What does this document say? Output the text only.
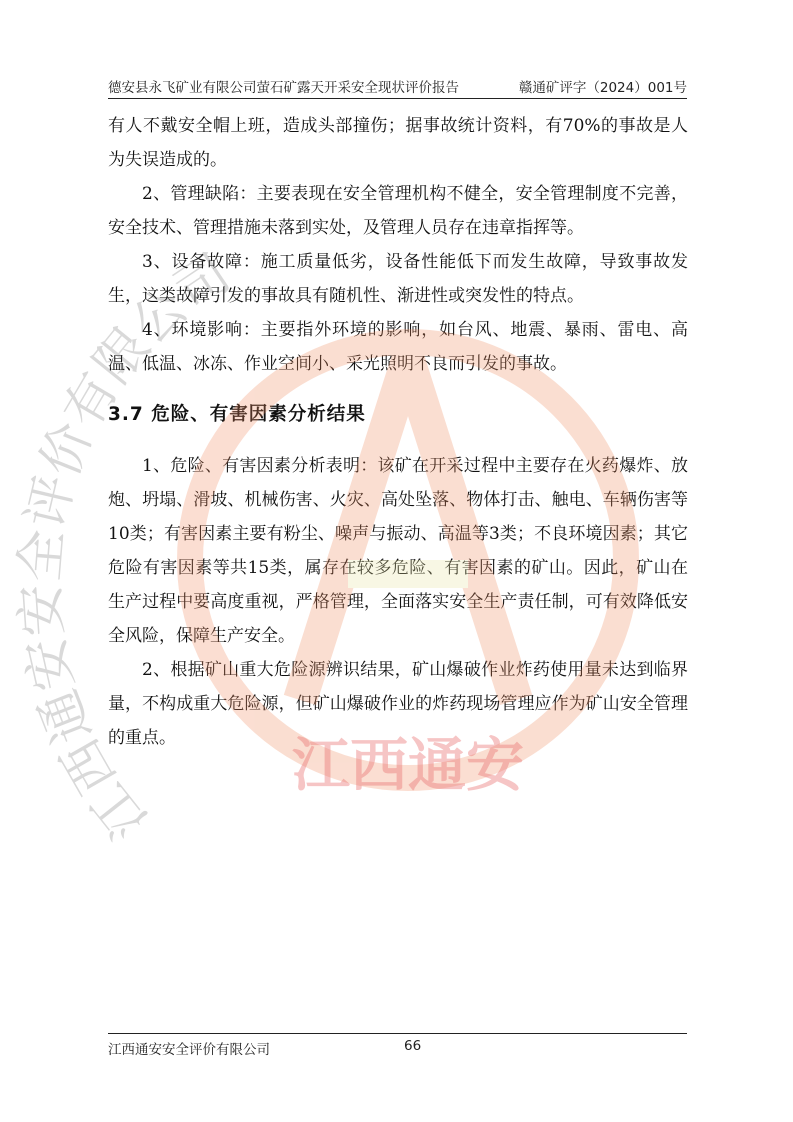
德安县永飞矿业有限公司萤石矿露天开采安全现状评价报告	赣通矿评字（2024）001号

有人不戴安全帽上班，造成头部撞伤；据事故统计资料，有70%的事故是人为失误造成的。

2、管理缺陷：主要表现在安全管理机构不健全，安全管理制度不完善，安全技术、管理措施未落到实处，及管理人员存在违章指挥等。

3、设备故障：施工质量低劣，设备性能低下而发生故障，导致事故发生，这类故障引发的事故具有随机性、渐进性或突发性的特点。

4、环境影响：主要指外环境的影响，如台风、地震、暴雨、雷电、高温、低温、冰冻、作业空间小、采光照明不良而引发的事故。

3.7 危险、有害因素分析结果

1、危险、有害因素分析表明：该矿在开采过程中主要存在火药爆炸、放炮、坍塌、滑坡、机械伤害、火灾、高处坠落、物体打击、触电、车辆伤害等10类；有害因素主要有粉尘、噪声与振动、高温等3类；不良环境因素；其它危险有害因素等共15类，属存在较多危险、有害因素的矿山。因此，矿山在生产过程中要高度重视，严格管理，全面落实安全生产责任制，可有效降低安全风险，保障生产安全。

2、根据矿山重大危险源辨识结果，矿山爆破作业炸药使用量未达到临界量，不构成重大危险源，但矿山爆破作业的炸药现场管理应作为矿山安全管理的重点。

江西通安安全评价有限公司
江西通安
江西通安安全评价有限公司	66
